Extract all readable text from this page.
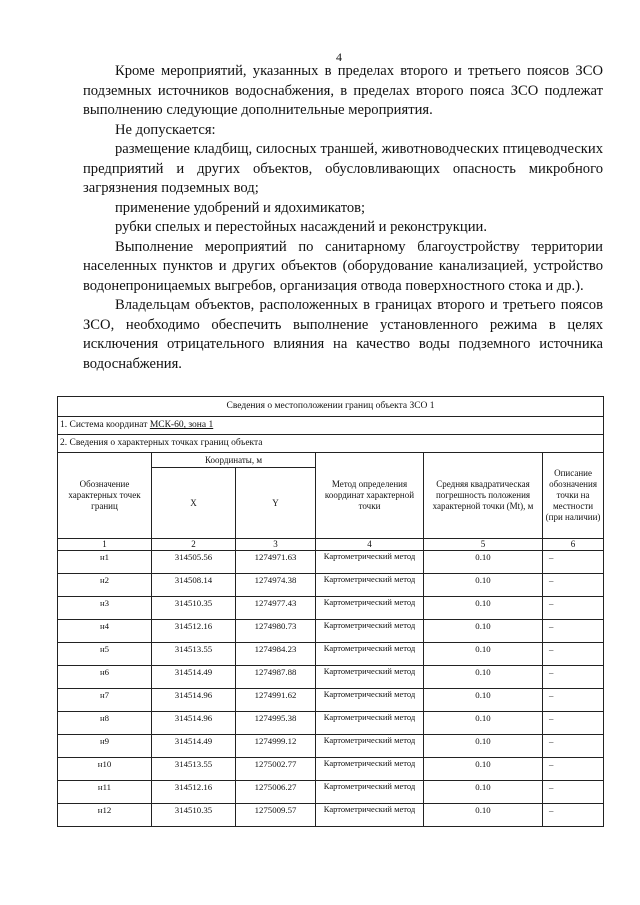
4

Кроме мероприятий, указанных в пределах второго и третьего поясов ЗСО подземных источников водоснабжения, в пределах второго пояса ЗСО подлежат выполнению следующие дополнительные мероприятия.

Не допускается:

размещение кладбищ, силосных траншей, животноводческих птицеводческих предприятий и других объектов, обусловливающих опасность микробного загрязнения подземных вод;

применение удобрений и ядохимикатов;

рубки спелых и перестойных насаждений и реконструкции.

Выполнение мероприятий по санитарному благоустройству территории населенных пунктов и других объектов (оборудование канализацией, устройство водонепроницаемых выгребов, организация отвода поверхностного стока и др.).

Владельцам объектов, расположенных в границах второго и третьего поясов ЗСО, необходимо обеспечить выполнение установленного режима в целях исключения отрицательного влияния на качество воды подземного источника водоснабжения.

Сведения о местоположении границ объекта ЗСО 1					
1. Система координат МСК-60, зона 1					
2. Сведения о характерных точках границ объекта					
Обозначение характерных точек границ	Координаты, м		Метод определения координат характерной точки	Средняя квадратическая погрешность положения характерной точки (Mt), м	Описание обозначения точки на местности (при наличии)
	X	Y			
1	2	3	4	5	6
н1	314505.56	1274971.63	Картометрический метод	0.10	–
н2	314508.14	1274974.38	Картометрический метод	0.10	–
н3	314510.35	1274977.43	Картометрический метод	0.10	–
н4	314512.16	1274980.73	Картометрический метод	0.10	–
н5	314513.55	1274984.23	Картометрический метод	0.10	–
н6	314514.49	1274987.88	Картометрический метод	0.10	–
н7	314514.96	1274991.62	Картометрический метод	0.10	–
н8	314514.96	1274995.38	Картометрический метод	0.10	–
н9	314514.49	1274999.12	Картометрический метод	0.10	–
н10	314513.55	1275002.77	Картометрический метод	0.10	–
н11	314512.16	1275006.27	Картометрический метод	0.10	–
н12	314510.35	1275009.57	Картометрический метод	0.10	–
